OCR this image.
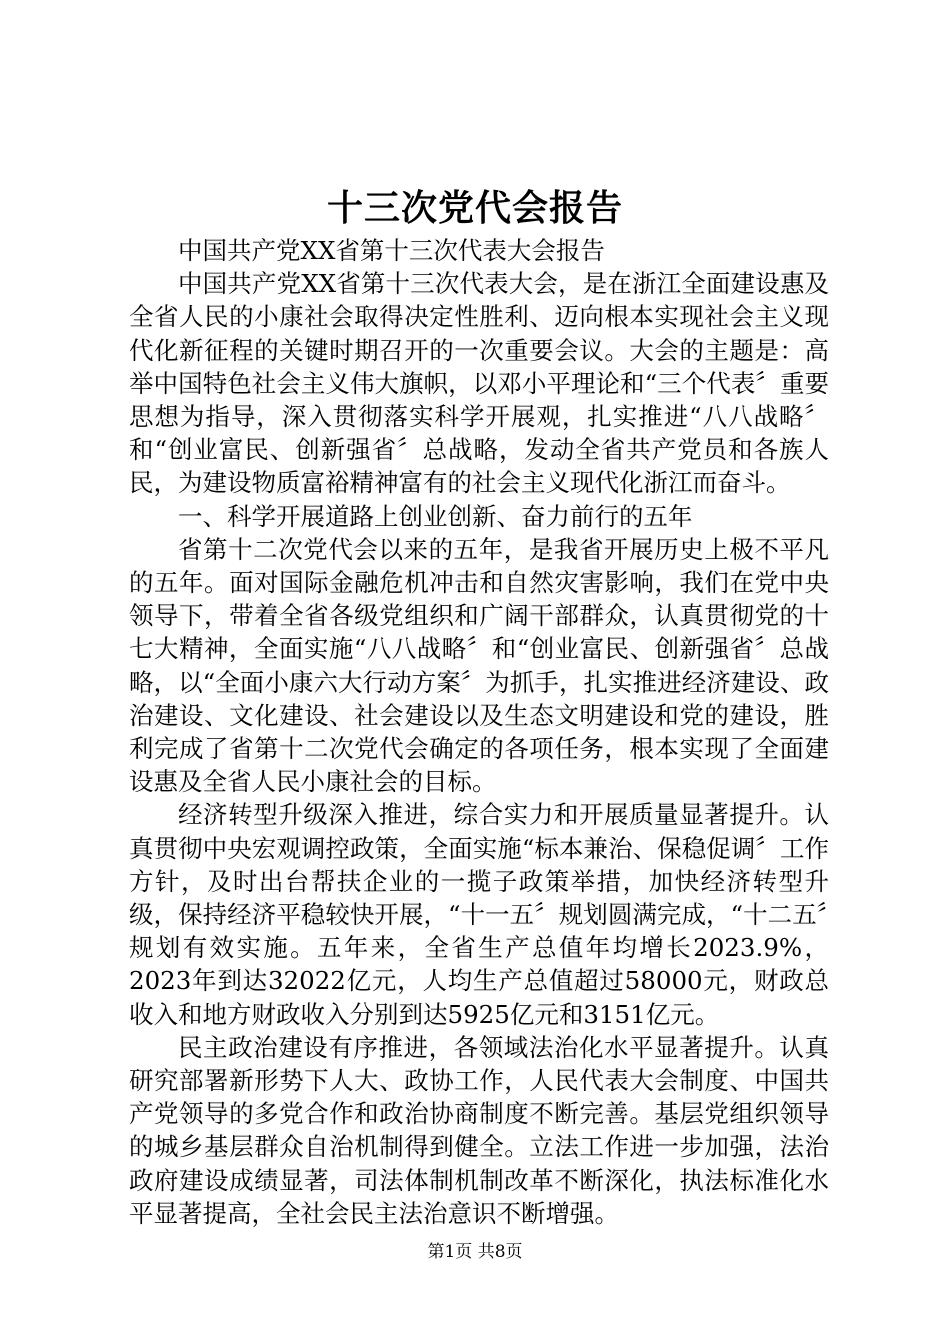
十三次党代会报告

中国共产党XX省第十三次代表大会报告

中国共产党XX省第十三次代表大会，是在浙江全面建设惠及全省人民的小康社会取得决定性胜利、迈向根本实现社会主义现代化新征程的关键时期召开的一次重要会议。大会的主题是：高举中国特色社会主义伟大旗帜，以邓小平理论和“三个代表〞重要思想为指导，深入贯彻落实科学开展观，扎实推进“八八战略〞和“创业富民、创新强省〞总战略，发动全省共产党员和各族人民，为建设物质富裕精神富有的社会主义现代化浙江而奋斗。

一、科学开展道路上创业创新、奋力前行的五年

省第十二次党代会以来的五年，是我省开展历史上极不平凡的五年。面对国际金融危机冲击和自然灾害影响，我们在党中央领导下，带着全省各级党组织和广阔干部群众，认真贯彻党的十七大精神，全面实施“八八战略〞和“创业富民、创新强省〞总战略，以“全面小康六大行动方案〞为抓手，扎实推进经济建设、政治建设、文化建设、社会建设以及生态文明建设和党的建设，胜利完成了省第十二次党代会确定的各项任务，根本实现了全面建设惠及全省人民小康社会的目标。

经济转型升级深入推进，综合实力和开展质量显著提升。认真贯彻中央宏观调控政策，全面实施“标本兼治、保稳促调〞工作方针，及时出台帮扶企业的一揽子政策举措，加快经济转型升级，保持经济平稳较快开展，“十一五〞规划圆满完成，“十二五〞规划有效实施。五年来，全省生产总值年均增长2023.9%，2023年到达32022亿元，人均生产总值超过58000元，财政总收入和地方财政收入分别到达5925亿元和3151亿元。

民主政治建设有序推进，各领域法治化水平显著提升。认真研究部署新形势下人大、政协工作，人民代表大会制度、中国共产党领导的多党合作和政治协商制度不断完善。基层党组织领导的城乡基层群众自治机制得到健全。立法工作进一步加强，法治政府建设成绩显著，司法体制机制改革不断深化，执法标准化水平显著提高，全社会民主法治意识不断增强。

第1页 共8页
